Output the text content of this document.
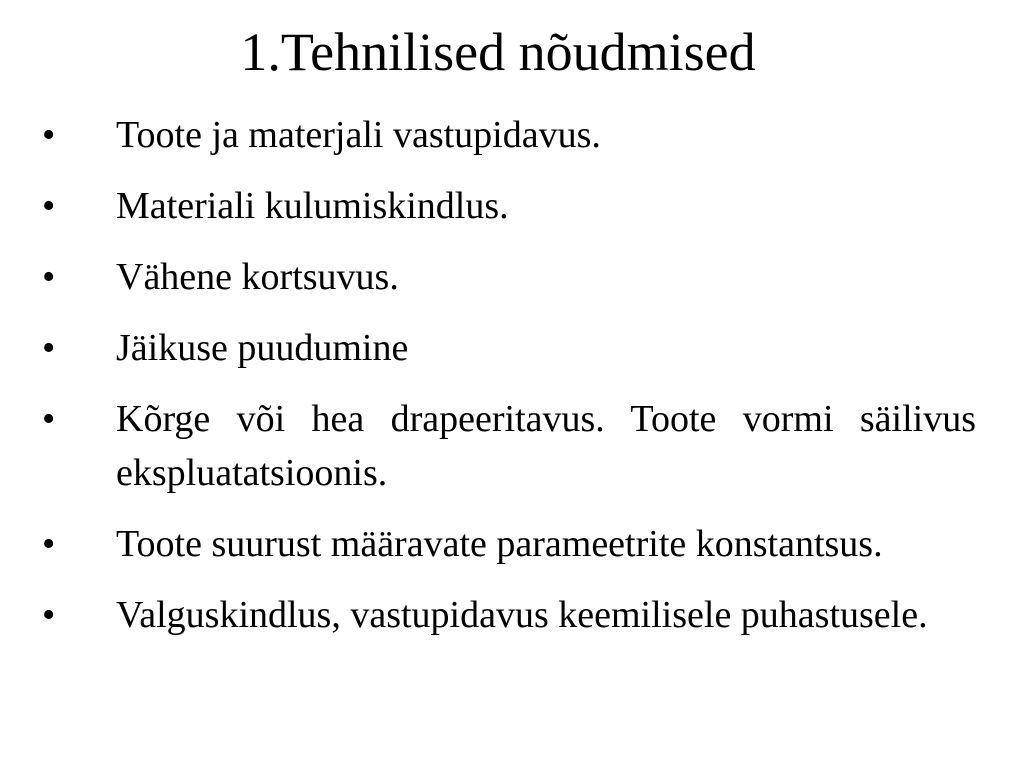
1.Tehnilised nõudmised
•	Toote ja materjali vastupidavus.
•	Materiali kulumiskindlus.
•	Vähene kortsuvus.
•	Jäikuse puudumine
•	Kõrge või hea drapeeritavus. Toote vormi säilivus ekspluatatsioonis.
•	Toote suurust määravate parameetrite konstantsus.
•	Valguskindlus, vastupidavus keemilisele puhastusele.
